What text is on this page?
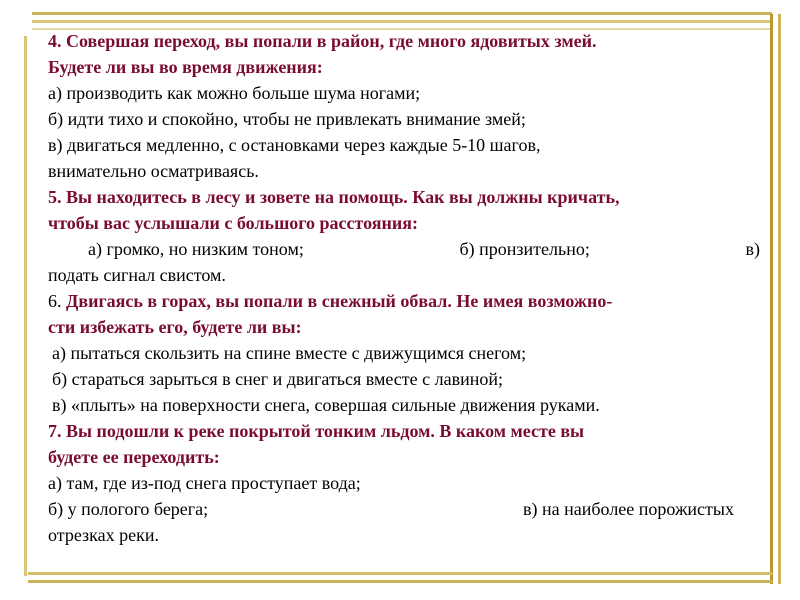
4. Совершая переход, вы попали в район, где много ядовитых змей.

Будете ли вы во время движения:

а) производить как можно больше шума ногами;

б) идти тихо и спокойно, чтобы не привлекать внимание змей;

в) двигаться медленно, с остановками через каждые 5-10 шагов,

внимательно осматриваясь.

5. Вы находитесь в лесу и зовете на помощь. Как вы должны кричать,

чтобы вас услышали с большого расстояния:

а) громко, но низким тоном;	б) пронзительно;	в)

подать сигнал свистом.

6. Двигаясь в горах, вы попали в снежный обвал. Не имея возможно-

сти избежать его, будете ли вы:

а) пытаться скользить на спине вместе с движущимся снегом;

б) стараться зарыться в снег и двигаться вместе с лавиной;

в) «плыть» на поверхности снега, совершая сильные движения руками.

7. Вы подошли к реке покрытой тонким льдом. В каком месте вы

будете ее переходить:

а) там, где из-под снега проступает вода;

б) у пологого берега;	в) на наиболее порожистых

отрезках реки.
